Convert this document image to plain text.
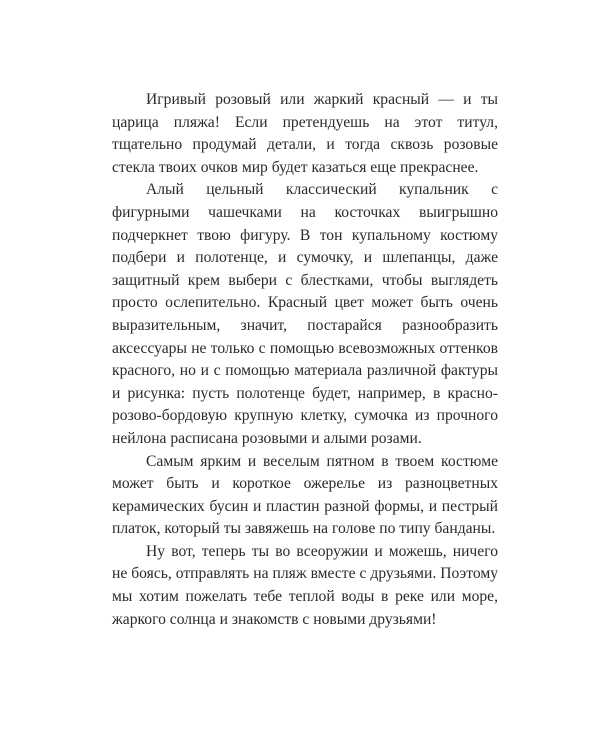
Игривый розовый или жаркий красный — и ты царица пляжа! Если претендуешь на этот титул, тщательно продумай детали, и тогда сквозь розовые стекла твоих очков мир будет казаться еще прекраснее.

Алый цельный классический купальник с фигурными чашечками на косточках выигрышно подчеркнет твою фигуру. В тон купальному костюму подбери и полотенце, и сумочку, и шлепанцы, даже защитный крем выбери с блестками, чтобы выглядеть просто ослепительно. Красный цвет может быть очень выразительным, значит, постарайся разнообразить аксессуары не только с помощью всевозможных оттенков красного, но и с помощью материала различной фактуры и рисунка: пусть полотенце будет, например, в красно-розово-бордовую крупную клетку, сумочка из прочного нейлона расписана розовыми и алыми розами.

Самым ярким и веселым пятном в твоем костюме может быть и короткое ожерелье из разноцветных керамических бусин и пластин разной формы, и пестрый платок, который ты завяжешь на голове по типу банданы.

Ну вот, теперь ты во всеоружии и можешь, ничего не боясь, отправлять на пляж вместе с друзьями. Поэтому мы хотим пожелать тебе теплой воды в реке или море, жаркого солнца и знакомств с новыми друзьями!
